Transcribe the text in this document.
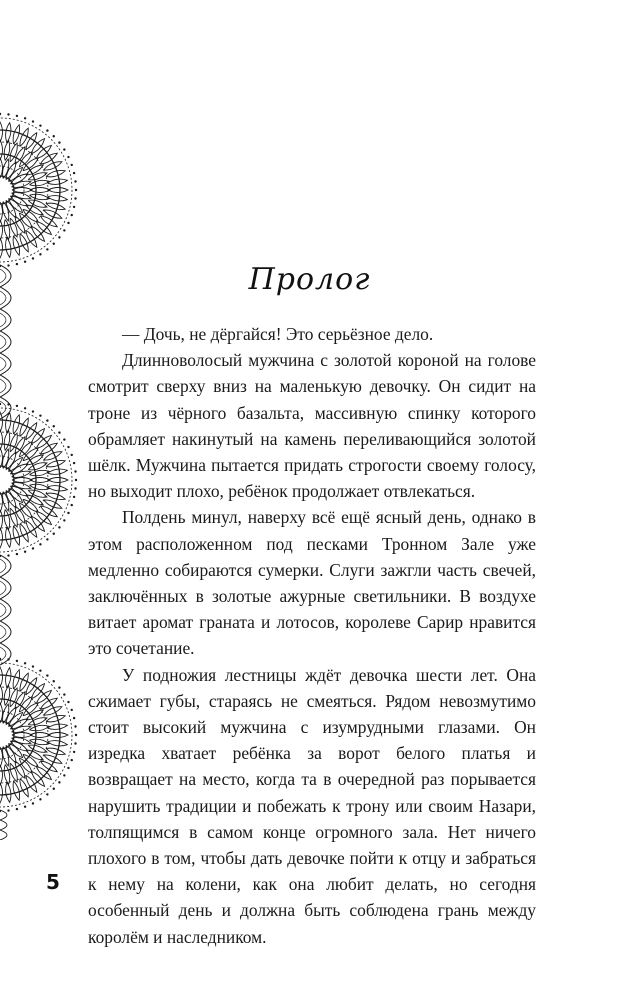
Пролог

— Дочь, не дёргайся! Это серьёзное дело.

Длинноволосый мужчина с золотой короной на голове смотрит сверху вниз на маленькую девочку. Он сидит на троне из чёрного базальта, массивную спинку которого обрамляет накинутый на камень переливающийся золотой шёлк. Мужчина пытается придать строгости своему голосу, но выходит плохо, ребёнок продолжает отвлекаться.

Полдень минул, наверху всё ещё ясный день, однако в этом расположенном под песками Тронном Зале уже медленно собираются сумерки. Слуги зажгли часть свечей, заключённых в золотые ажурные светильники. В воздухе витает аромат граната и лотосов, королеве Сарир нравится это сочетание.

У подножия лестницы ждёт девочка шести лет. Она сжимает губы, стараясь не смеяться. Рядом невозмутимо стоит высокий мужчина с изумрудными глазами. Он изредка хватает ребёнка за ворот белого платья и возвращает на место, когда та в очередной раз порывается нарушить традиции и побежать к трону или своим Назари, толпящимся в самом конце огромного зала. Нет ничего плохого в том, чтобы дать девочке пойти к отцу и забраться к нему на колени, как она любит делать, но сегодня особенный день и должна быть соблюдена грань между королём и наследником.

5
